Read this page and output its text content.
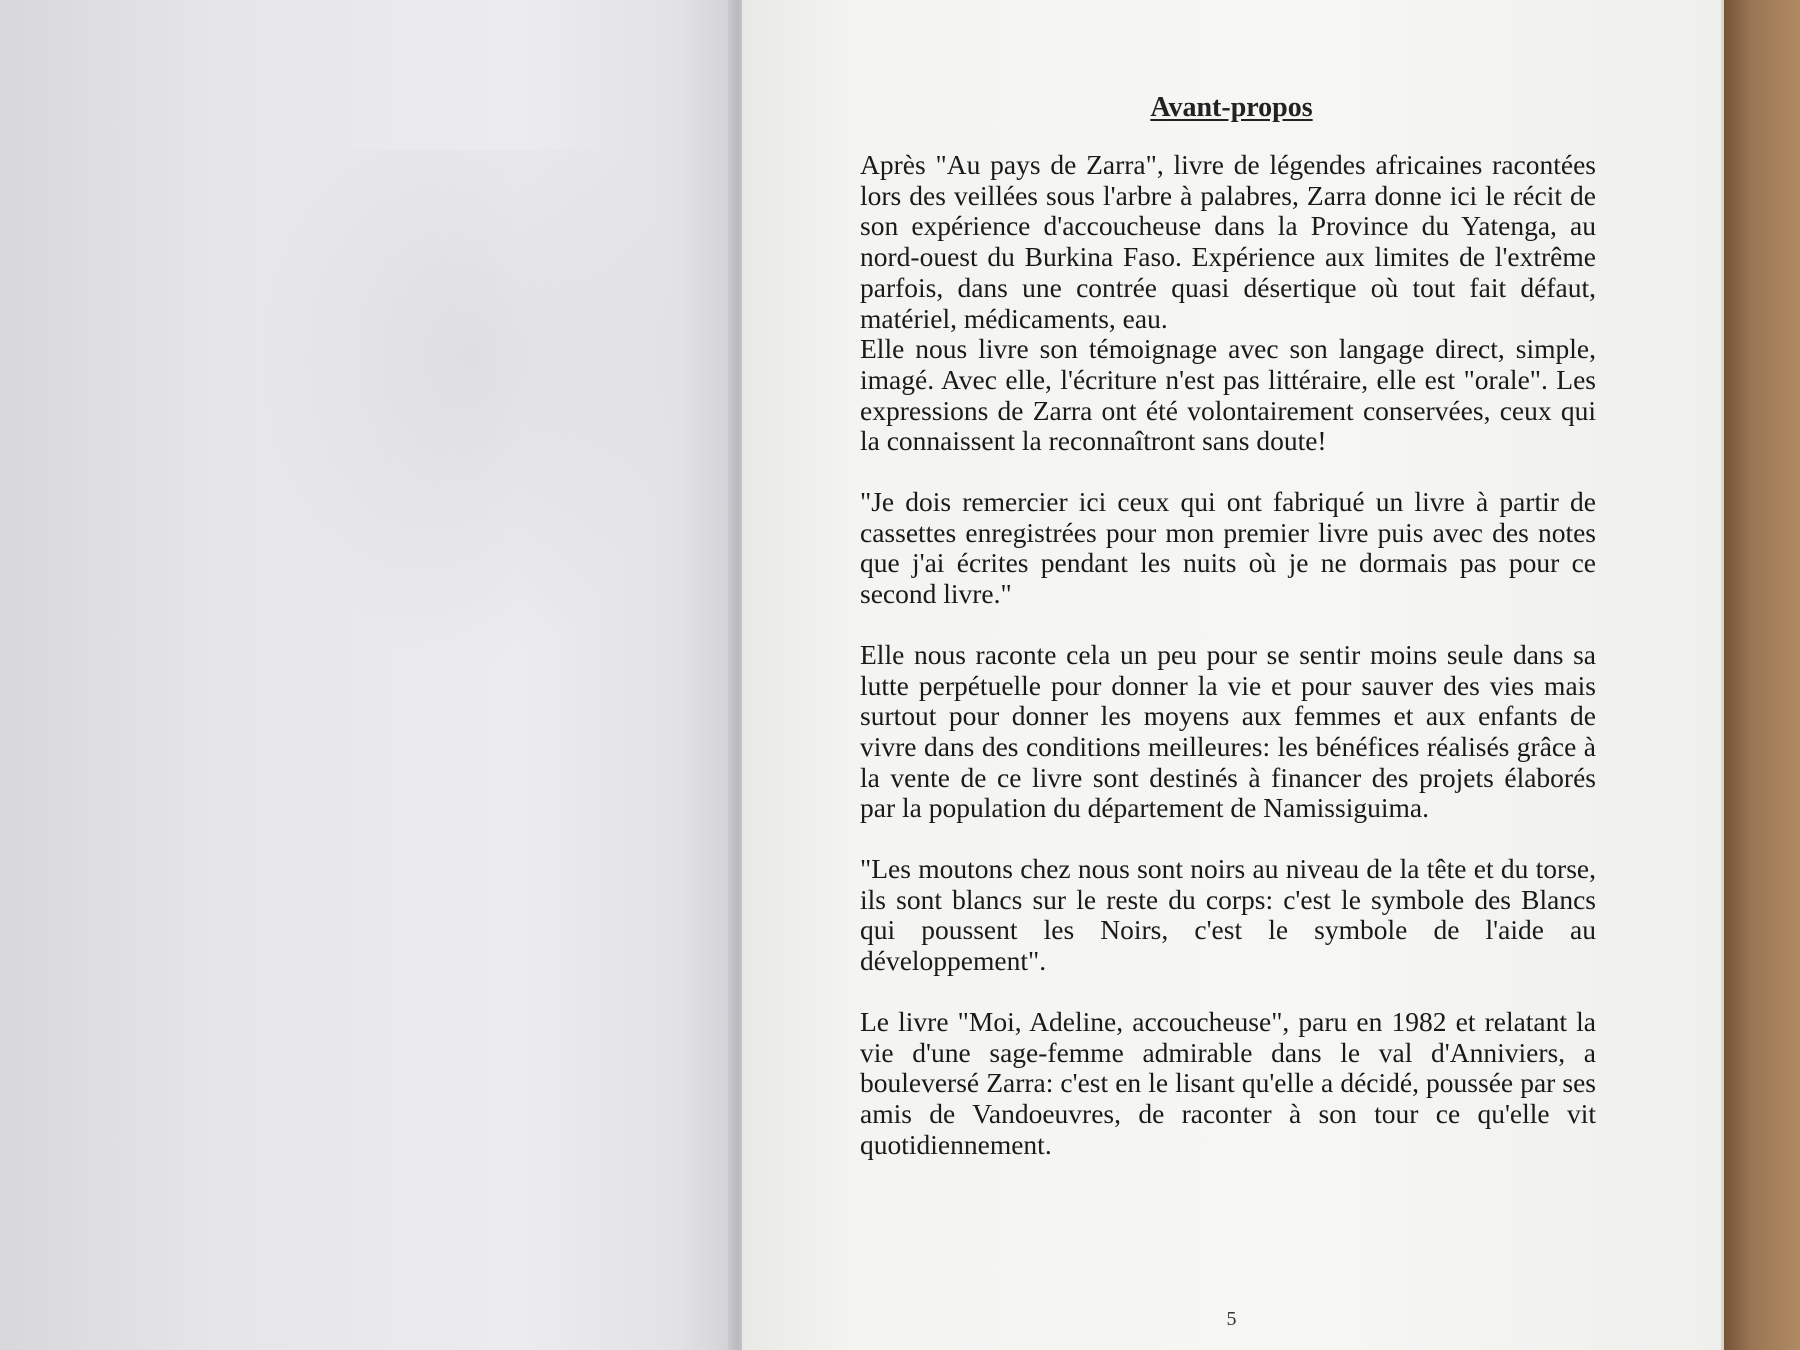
Avant-propos

Après "Au pays de Zarra", livre de légendes africaines racontées lors des veillées sous l'arbre à palabres, Zarra donne ici le récit de son expérience d'accoucheuse dans la Province du Yatenga, au nord-ouest du Burkina Faso. Expérience aux limites de l'extrême parfois, dans une contrée quasi désertique où tout fait défaut, matériel, médicaments, eau.

Elle nous livre son témoignage avec son langage direct, simple, imagé. Avec elle, l'écriture n'est pas littéraire, elle est "orale". Les expressions de Zarra ont été volontairement conservées, ceux qui la connaissent la reconnaîtront sans doute!

"Je dois remercier ici ceux qui ont fabriqué un livre à partir de cassettes enregistrées pour mon premier livre puis avec des notes que j'ai écrites pendant les nuits où je ne dormais pas pour ce second livre."

Elle nous raconte cela un peu pour se sentir moins seule dans sa lutte perpétuelle pour donner la vie et pour sauver des vies mais surtout pour donner les moyens aux femmes et aux enfants de vivre dans des conditions meilleures: les bénéfices réalisés grâce à la vente de ce livre sont destinés à financer des projets élaborés par la population du département de Namissiguima.

"Les moutons chez nous sont noirs au niveau de la tête et du torse, ils sont blancs sur le reste du corps: c'est le symbole des Blancs qui poussent les Noirs, c'est le symbole de l'aide au développement".

Le livre "Moi, Adeline, accoucheuse", paru en 1982 et relatant la vie d'une sage-femme admirable dans le val d'Anniviers, a bouleversé Zarra: c'est en le lisant qu'elle a décidé, poussée par ses amis de Vandoeuvres, de raconter à son tour ce qu'elle vit quotidiennement.

5
